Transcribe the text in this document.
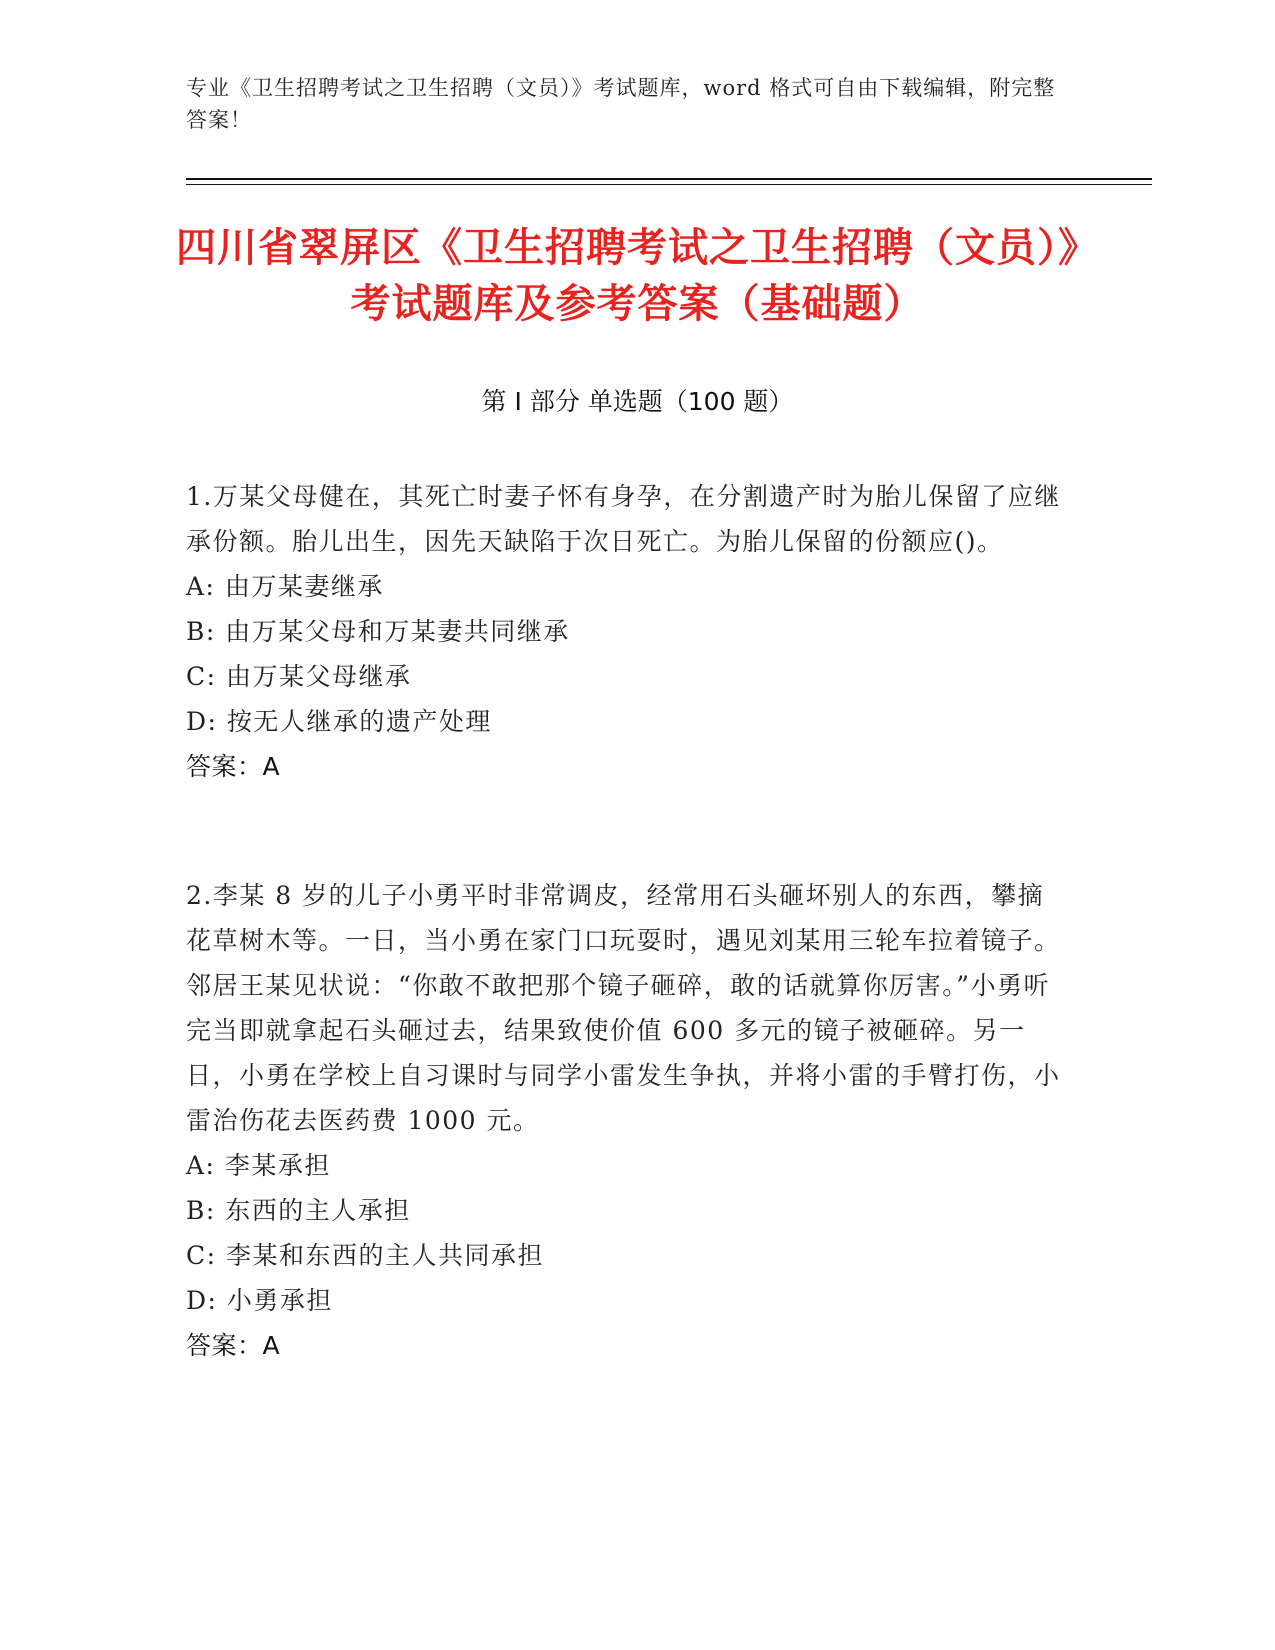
专业《卫生招聘考试之卫生招聘（文员）》考试题库，word 格式可自由下载编辑，附完整答案！
四川省翠屏区《卫生招聘考试之卫生招聘（文员）》考试题库及参考答案（基础题）
第 I 部分 单选题（100 题）

1.万某父母健在，其死亡时妻子怀有身孕，在分割遗产时为胎儿保留了应继承份额。胎儿出生，因先天缺陷于次日死亡。为胎儿保留的份额应()。

A: 由万某妻继承

B: 由万某父母和万某妻共同继承

C: 由万某父母继承

D: 按无人继承的遗产处理

答案：A

2.李某 8 岁的儿子小勇平时非常调皮，经常用石头砸坏别人的东西，攀摘花草树木等。一日，当小勇在家门口玩耍时，遇见刘某用三轮车拉着镜子。邻居王某见状说：“你敢不敢把那个镜子砸碎，敢的话就算你厉害。”小勇听完当即就拿起石头砸过去，结果致使价值 600 多元的镜子被砸碎。另一日，小勇在学校上自习课时与同学小雷发生争执，并将小雷的手臂打伤，小雷治伤花去医药费 1000 元。

A: 李某承担

B: 东西的主人承担

C: 李某和东西的主人共同承担

D: 小勇承担

答案：A
